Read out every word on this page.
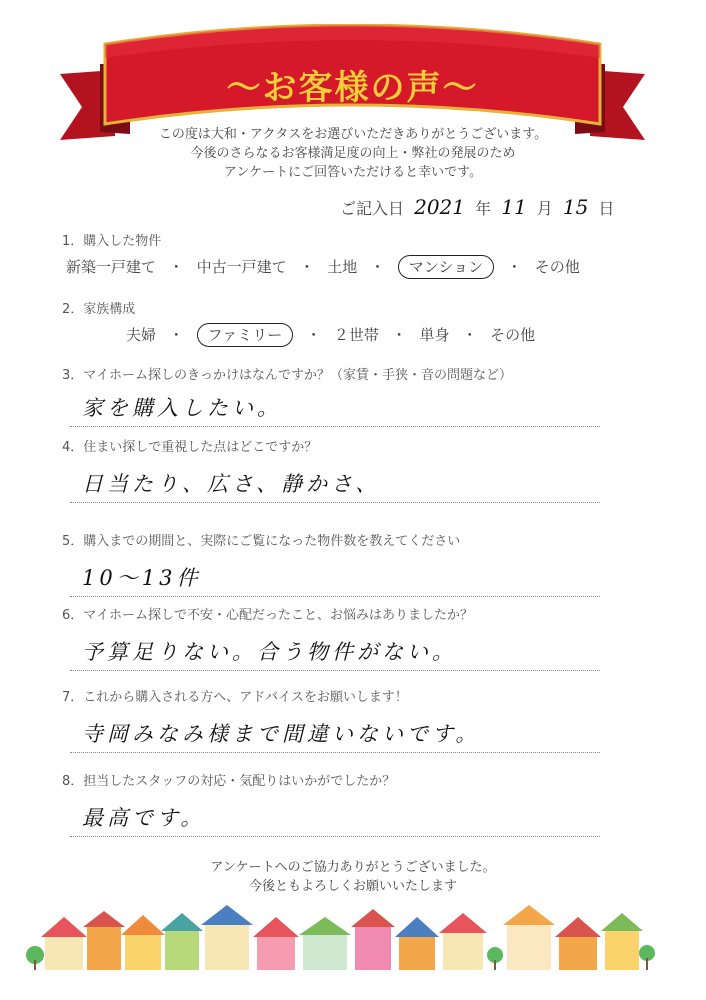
〜お客様の声〜
この度は大和・アクタスをお選びいただきありがとうございます。
今後のさらなるお客様満足度の向上・弊社の発展のため
アンケートにご回答いただけると幸いです。
ご記入日 2021 年 11 月 15 日
1．購入した物件
新築一戸建て ・ 中古一戸建て ・ 土地 ・ マンション ・ その他
2．家族構成
夫婦 ・ ファミリー ・ ２世帯 ・ 単身 ・ その他
3．マイホーム探しのきっかけはなんですか？（家賃・手狭・音の問題など）
家を購入したい。
4．住まい探しで重視した点はどこですか？
日当たり、広さ、静かさ、
5．購入までの期間と、実際にご覧になった物件数を教えてください
10〜13件
6．マイホーム探しで不安・心配だったこと、お悩みはありましたか？
予算足りない。合う物件がない。
7．これから購入される方へ、アドバイスをお願いします！
寺岡みなみ様まで間違いないです。
8．担当したスタッフの対応・気配りはいかがでしたか？
最高です。
アンケートへのご協力ありがとうございました。
今後ともよろしくお願いいたします
